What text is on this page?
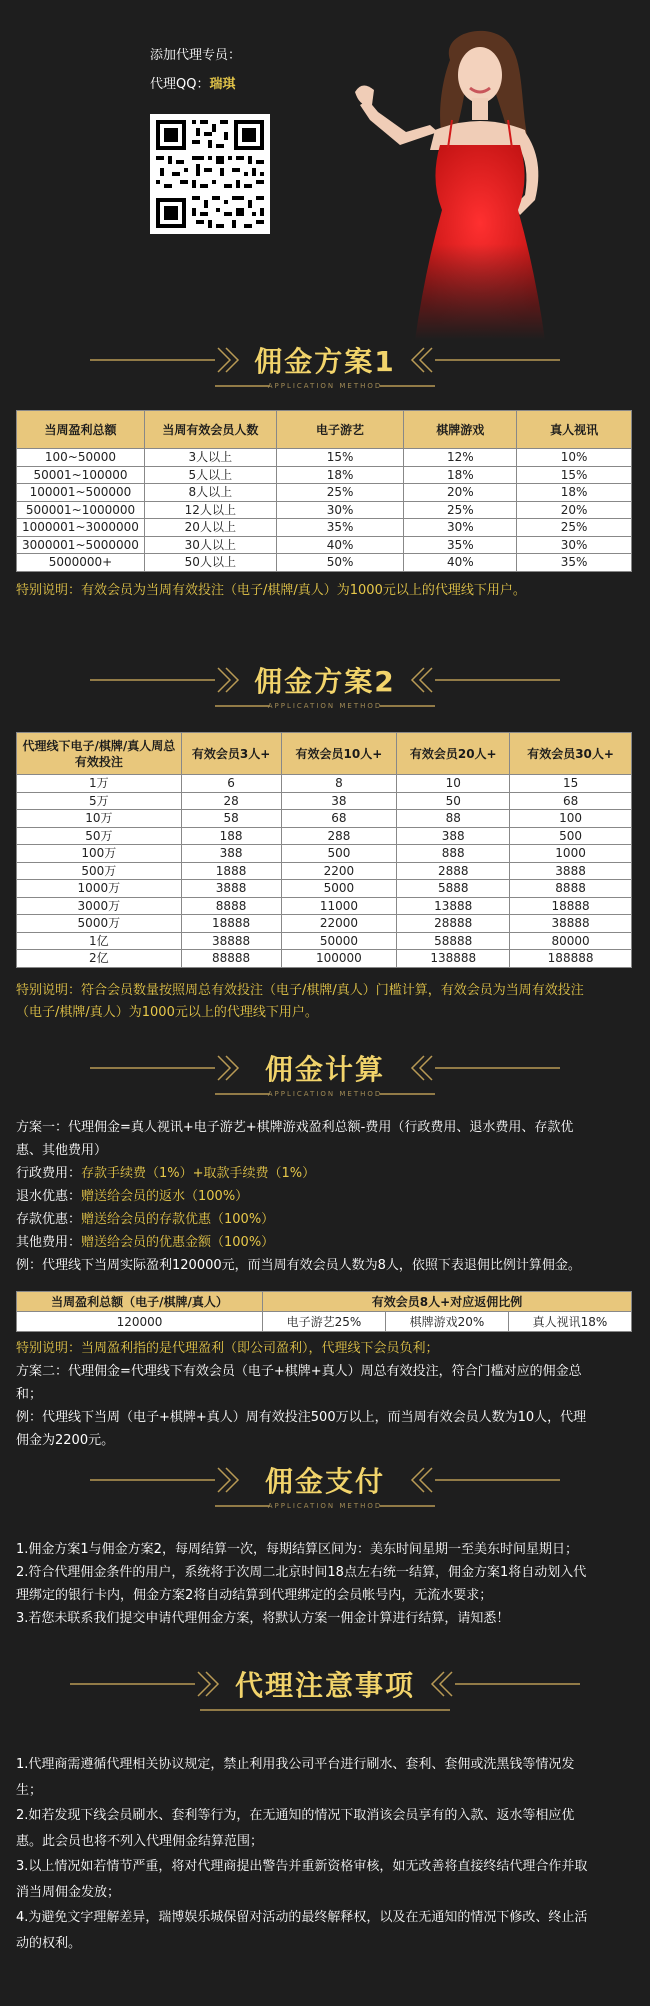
添加代理专员：
代理QQ：瑞琪
佣金方案1
APPLICATION METHOD
当周盈利总额	当周有效会员人数	电子游艺	棋牌游戏	真人视讯
100~50000	3人以上	15%	12%	10%
50001~100000	5人以上	18%	18%	15%
100001~500000	8人以上	25%	20%	18%
500001~1000000	12人以上	30%	25%	20%
1000001~3000000	20人以上	35%	30%	25%
3000001~5000000	30人以上	40%	35%	30%
5000000+	50人以上	50%	40%	35%
特别说明：有效会员为当周有效投注（电子/棋牌/真人）为1000元以上的代理线下用户。
佣金方案2
APPLICATION METHOD
代理线下电子/棋牌/真人周总有效投注	有效会员3人+	有效会员10人+	有效会员20人+	有效会员30人+
1万	6	8	10	15
5万	28	38	50	68
10万	58	68	88	100
50万	188	288	388	500
100万	388	500	888	1000
500万	1888	2200	2888	3888
1000万	3888	5000	5888	8888
3000万	8888	11000	13888	18888
5000万	18888	22000	28888	38888
1亿	38888	50000	58888	80000
2亿	88888	100000	138888	188888
特别说明：符合会员数量按照周总有效投注（电子/棋牌/真人）门槛计算，有效会员为当周有效投注
（电子/棋牌/真人）为1000元以上的代理线下用户。
佣金计算
APPLICATION METHOD
方案一：代理佣金=真人视讯+电子游艺+棋牌游戏盈利总额-费用（行政费用、退水费用、存款优
惠、其他费用）
行政费用：存款手续费（1%）+取款手续费（1%）
退水优惠：赠送给会员的返水（100%）
存款优惠：赠送给会员的存款优惠（100%）
其他费用：赠送给会员的优惠金额（100%）
例：代理线下当周实际盈利120000元，而当周有效会员人数为8人，依照下表退佣比例计算佣金。
当周盈利总额（电子/棋牌/真人）	有效会员8人+对应返佣比例		
120000	电子游艺25%	棋牌游戏20%	真人视讯18%
特别说明：当周盈利指的是代理盈利（即公司盈利），代理线下会员负利；
方案二：代理佣金=代理线下有效会员（电子+棋牌+真人）周总有效投注，符合门槛对应的佣金总
和；
例：代理线下当周（电子+棋牌+真人）周有效投注500万以上，而当周有效会员人数为10人，代理
佣金为2200元。
佣金支付
APPLICATION METHOD
1.佣金方案1与佣金方案2，每周结算一次，每期结算区间为：美东时间星期一至美东时间星期日；
2.符合代理佣金条件的用户，系统将于次周二北京时间18点左右统一结算，佣金方案1将自动划入代
理绑定的银行卡内，佣金方案2将自动结算到代理绑定的会员帐号内，无流水要求；
3.若您未联系我们提交申请代理佣金方案，将默认方案一佣金计算进行结算，请知悉！
代理注意事项
1.代理商需遵循代理相关协议规定，禁止利用我公司平台进行刷水、套利、套佣或洗黑钱等情况发
生；
2.如若发现下线会员刷水、套利等行为，在无通知的情况下取消该会员享有的入款、返水等相应优
惠。此会员也将不列入代理佣金结算范围；
3.以上情况如若情节严重，将对代理商提出警告并重新资格审核，如无改善将直接终结代理合作并取
消当周佣金发放；
4.为避免文字理解差异，瑞博娱乐城保留对活动的最终解释权，以及在无通知的情况下修改、终止活
动的权利。
